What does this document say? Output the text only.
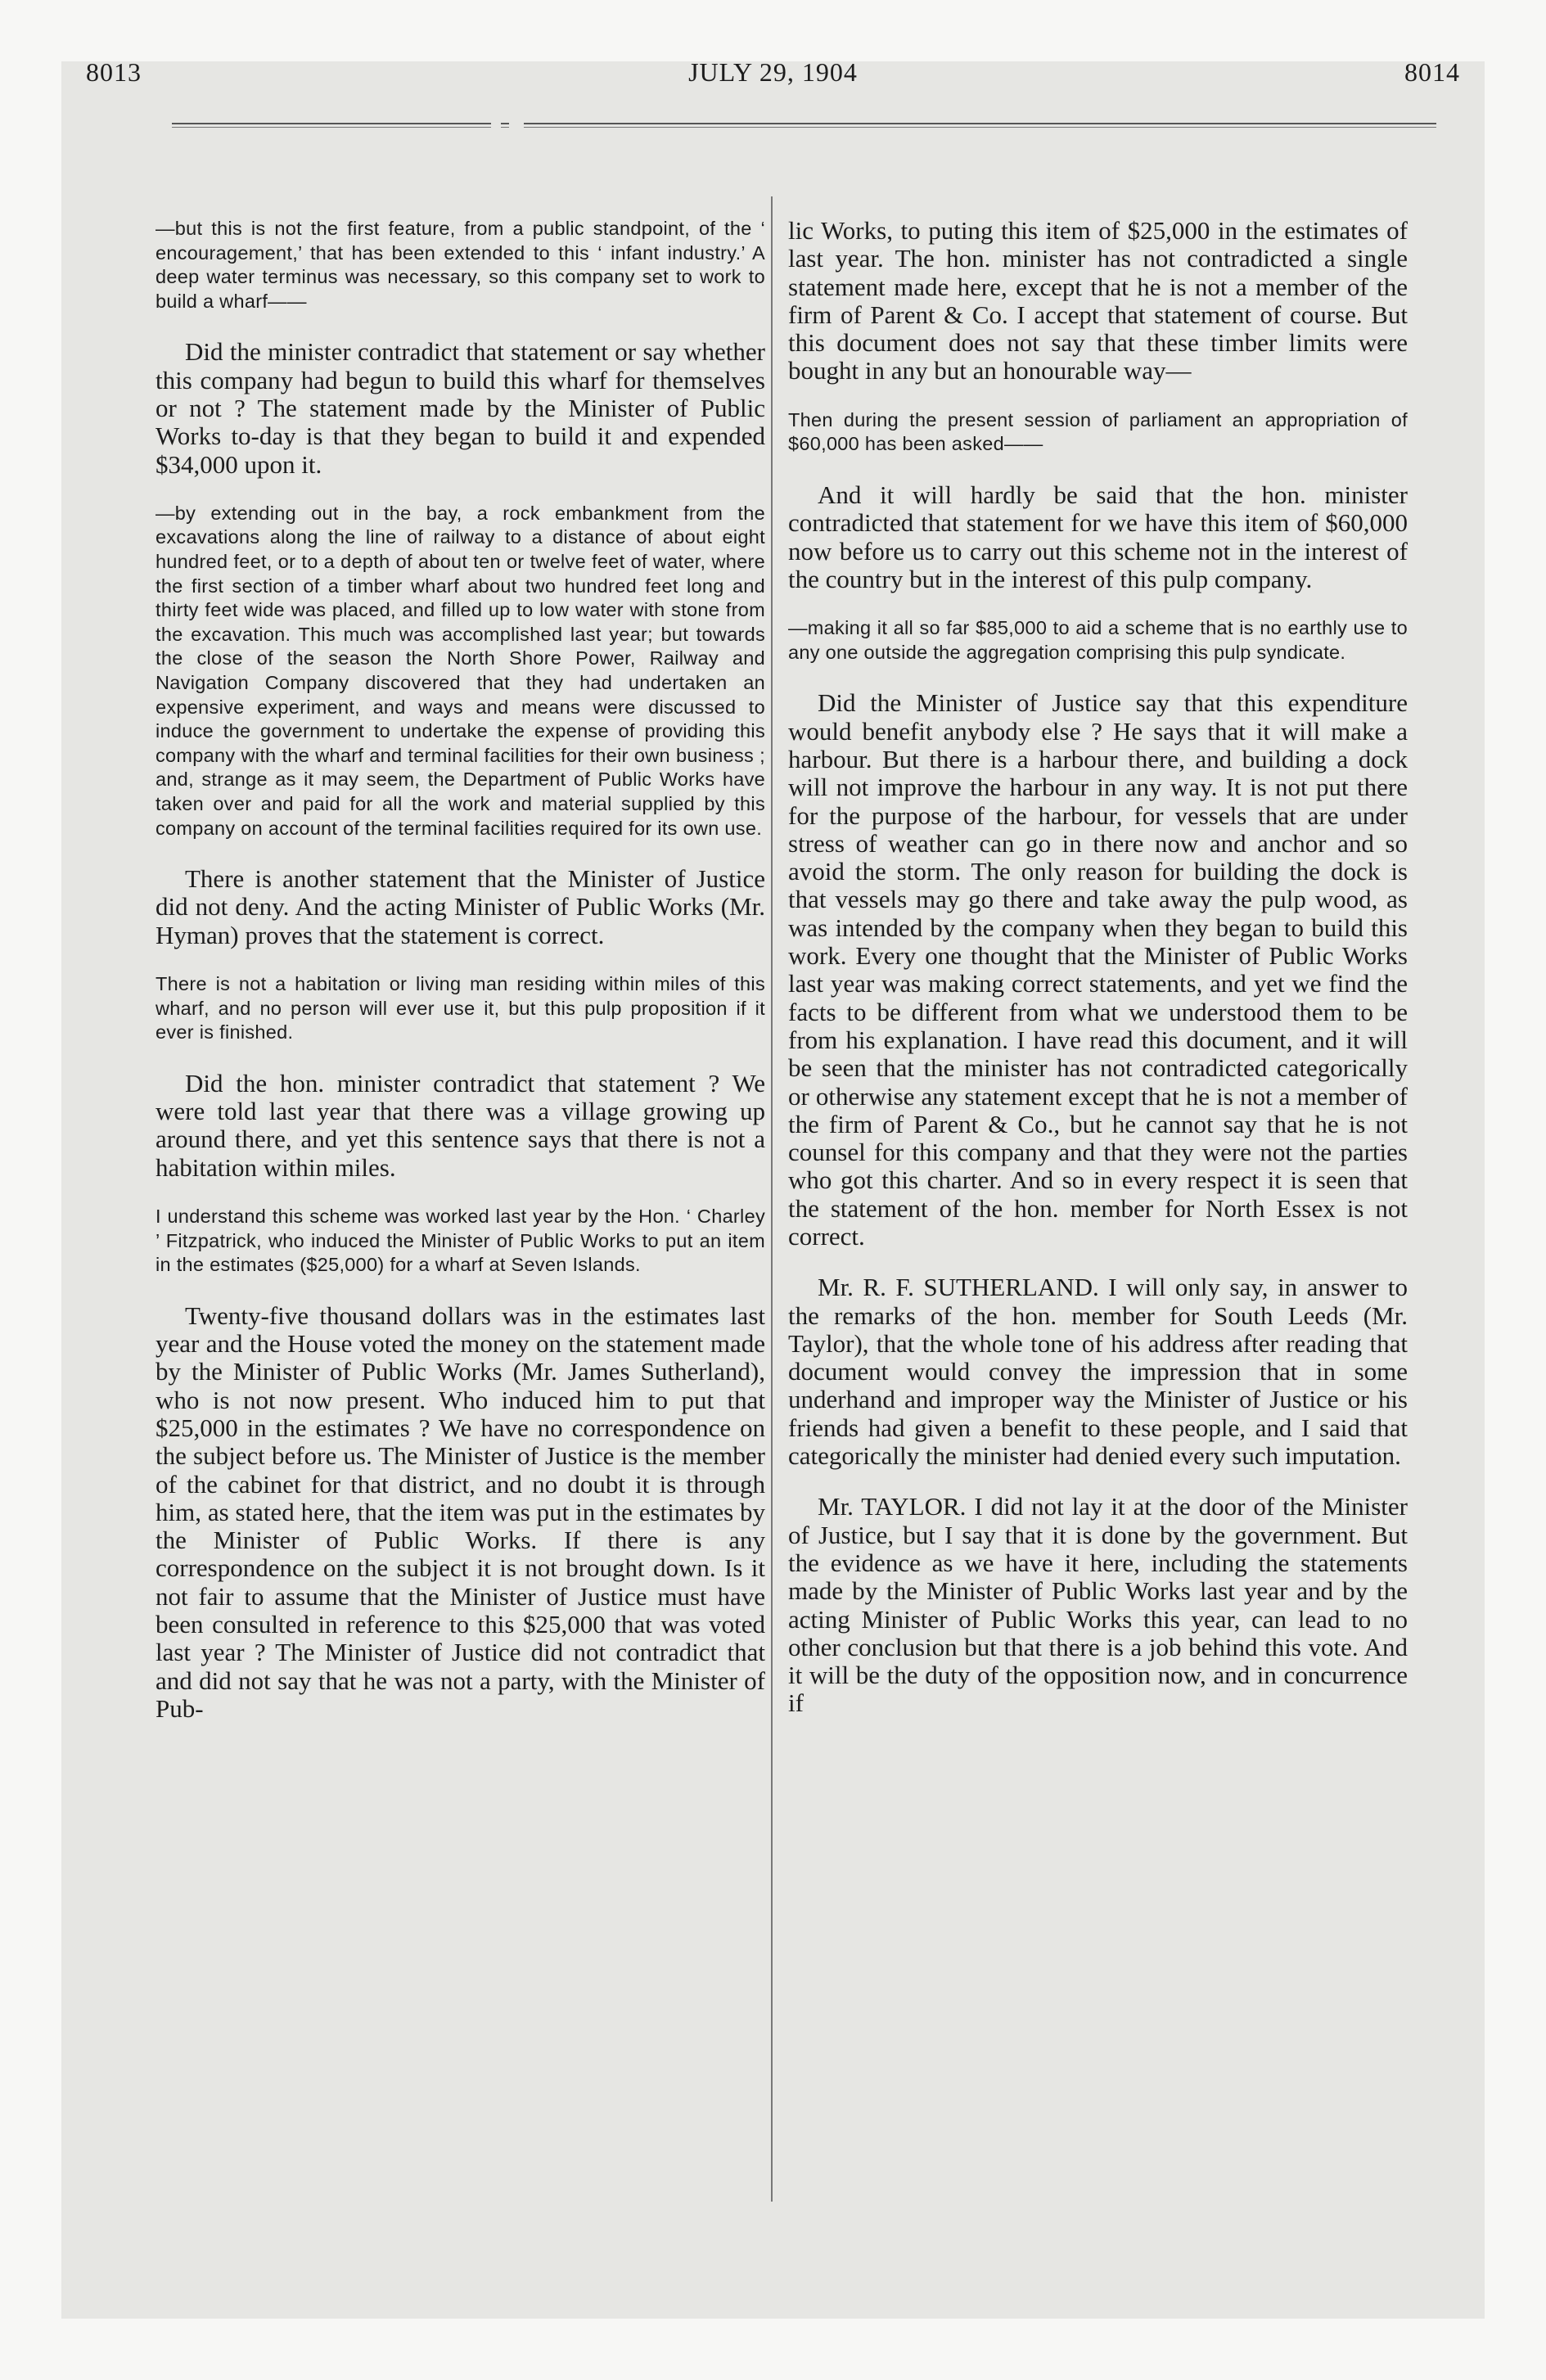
8013	JULY 29, 1904	8014

—but this is not the first feature, from a public standpoint, of the ‘ encouragement,’ that has been extended to this ‘ infant industry.’ A deep water terminus was necessary, so this company set to work to build a wharf——

Did the minister contradict that statement or say whether this company had begun to build this wharf for themselves or not ? The statement made by the Minister of Public Works to-day is that they began to build it and expended $34,000 upon it.

—by extending out in the bay, a rock embankment from the excavations along the line of railway to a distance of about eight hundred feet, or to a depth of about ten or twelve feet of water, where the first section of a timber wharf about two hundred feet long and thirty feet wide was placed, and filled up to low water with stone from the excavation. This much was accomplished last year; but towards the close of the season the North Shore Power, Railway and Navigation Company discovered that they had undertaken an expensive experiment, and ways and means were discussed to induce the government to undertake the expense of providing this company with the wharf and terminal facilities for their own business ; and, strange as it may seem, the Department of Public Works have taken over and paid for all the work and material supplied by this company on account of the terminal facilities required for its own use.

There is another statement that the Minister of Justice did not deny. And the acting Minister of Public Works (Mr. Hyman) proves that the statement is correct.

There is not a habitation or living man residing within miles of this wharf, and no person will ever use it, but this pulp proposition if it ever is finished.

Did the hon. minister contradict that statement ? We were told last year that there was a village growing up around there, and yet this sentence says that there is not a habitation within miles.

I understand this scheme was worked last year by the Hon. ‘ Charley ’ Fitzpatrick, who induced the Minister of Public Works to put an item in the estimates ($25,000) for a wharf at Seven Islands.

Twenty-five thousand dollars was in the estimates last year and the House voted the money on the statement made by the Minister of Public Works (Mr. James Sutherland), who is not now present. Who induced him to put that $25,000 in the estimates ? We have no correspondence on the subject before us. The Minister of Justice is the member of the cabinet for that district, and no doubt it is through him, as stated here, that the item was put in the estimates by the Minister of Public Works. If there is any correspondence on the subject it is not brought down. Is it not fair to assume that the Minister of Justice must have been consulted in reference to this $25,000 that was voted last year ? The Minister of Justice did not contradict that and did not say that he was not a party, with the Minister of Pub-

lic Works, to puting this item of $25,000 in the estimates of last year. The hon. minister has not contradicted a single statement made here, except that he is not a member of the firm of Parent & Co. I accept that statement of course. But this document does not say that these timber limits were bought in any but an honourable way—

Then during the present session of parliament an appropriation of $60,000 has been asked——

And it will hardly be said that the hon. minister contradicted that statement for we have this item of $60,000 now before us to carry out this scheme not in the interest of the country but in the interest of this pulp company.

—making it all so far $85,000 to aid a scheme that is no earthly use to any one outside the aggregation comprising this pulp syndicate.

Did the Minister of Justice say that this expenditure would benefit anybody else ? He says that it will make a harbour. But there is a harbour there, and building a dock will not improve the harbour in any way. It is not put there for the purpose of the harbour, for vessels that are under stress of weather can go in there now and anchor and so avoid the storm. The only reason for building the dock is that vessels may go there and take away the pulp wood, as was intended by the company when they began to build this work. Every one thought that the Minister of Public Works last year was making correct statements, and yet we find the facts to be different from what we understood them to be from his explanation. I have read this document, and it will be seen that the minister has not contradicted categorically or otherwise any statement except that he is not a member of the firm of Parent & Co., but he cannot say that he is not counsel for this company and that they were not the parties who got this charter. And so in every respect it is seen that the statement of the hon. member for North Essex is not correct.

Mr. R. F. SUTHERLAND. I will only say, in answer to the remarks of the hon. member for South Leeds (Mr. Taylor), that the whole tone of his address after reading that document would convey the impression that in some underhand and improper way the Minister of Justice or his friends had given a benefit to these people, and I said that categorically the minister had denied every such imputation.

Mr. TAYLOR. I did not lay it at the door of the Minister of Justice, but I say that it is done by the government. But the evidence as we have it here, including the statements made by the Minister of Public Works last year and by the acting Minister of Public Works this year, can lead to no other conclusion but that there is a job behind this vote. And it will be the duty of the opposition now, and in concurrence if
